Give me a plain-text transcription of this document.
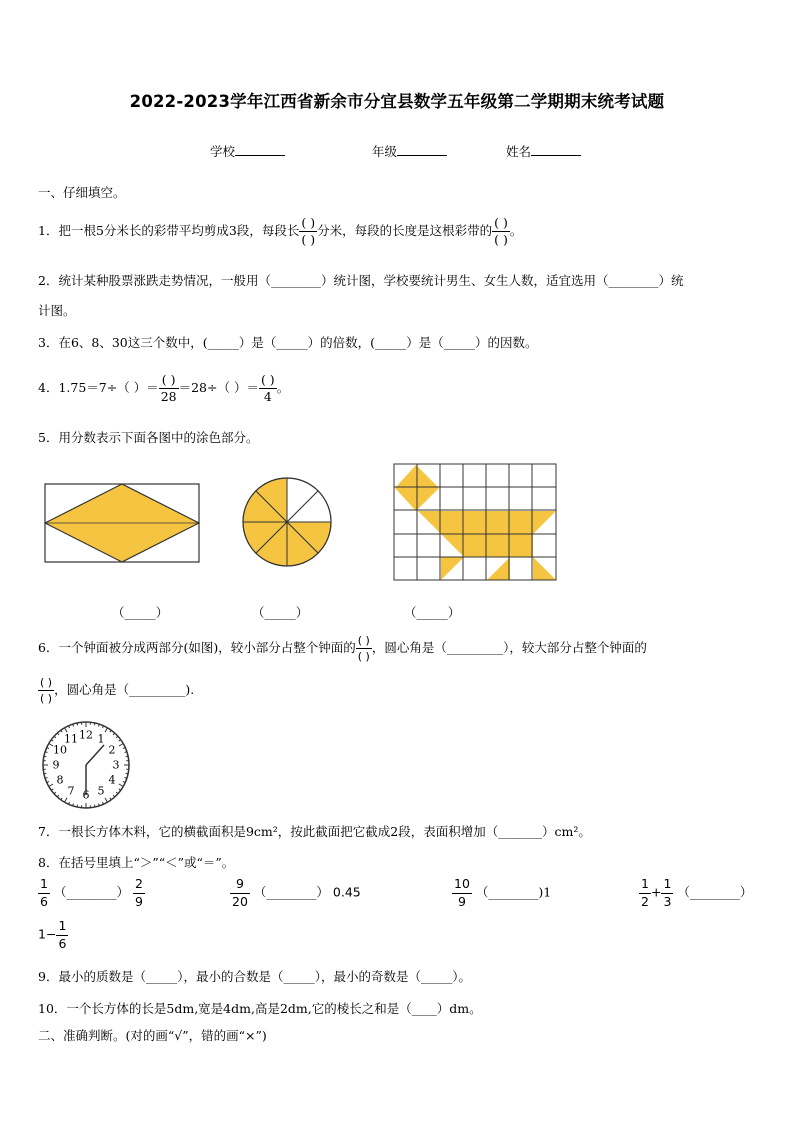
2022-2023学年江西省新余市分宜县数学五年级第二学期期末统考试题
学校	年级	姓名
一、仔细填空。
1．把一根5分米长的彩带平均剪成3段，每段长 $\frac{( )}{( )}$ 分米，每段的长度是这根彩带的 $\frac{( )}{( )}$ 。
2．统计某种股票涨跌走势情况，一般用（________）统计图，学校要统计男生、女生人数，适宜选用（________）统
计图。
3．在6、8、30这三个数中，(_____）是（_____）的倍数，(_____）是（_____）的因数。
4．1.75＝7÷（ ）＝ $\frac{( )}{28} =28\div$（ ）＝ $\frac{( )}{4}$ 。
5．用分数表示下面各图中的涂色部分。
（_____）	（_____）	（_____）
6．一个钟面被分成两部分(如图)，较小部分占整个钟面的 $\frac{( )}{( )}$ ，圆心角是（_________），较大部分占整个钟面的
$\frac{( )}{( )}$ ，圆心角是（_________).
12 1
2
3
4
5
6
7
8
9
10
11
7．一根长方体木料，它的横截面积是9cm²，按此截面把它截成2段，表面积增加（_______）cm²。
8．在括号里填上“＞”“＜”或“＝”。
$\frac{1}{6}$ （________） $\frac{2}{9}$	$\frac{9}{20}$ （________） 0.45	$\frac{10}{9}$ （________)1	$\frac{1}{2} + \frac{1}{3}$ （________）
$1- \frac{1}{6}$
9．最小的质数是（_____），最小的合数是（_____），最小的奇数是（_____）。
10．一个长方体的长是5dm,宽是4dm,高是2dm,它的棱长之和是（____）dm。
二、准确判断。(对的画“√”，错的画“×”)
